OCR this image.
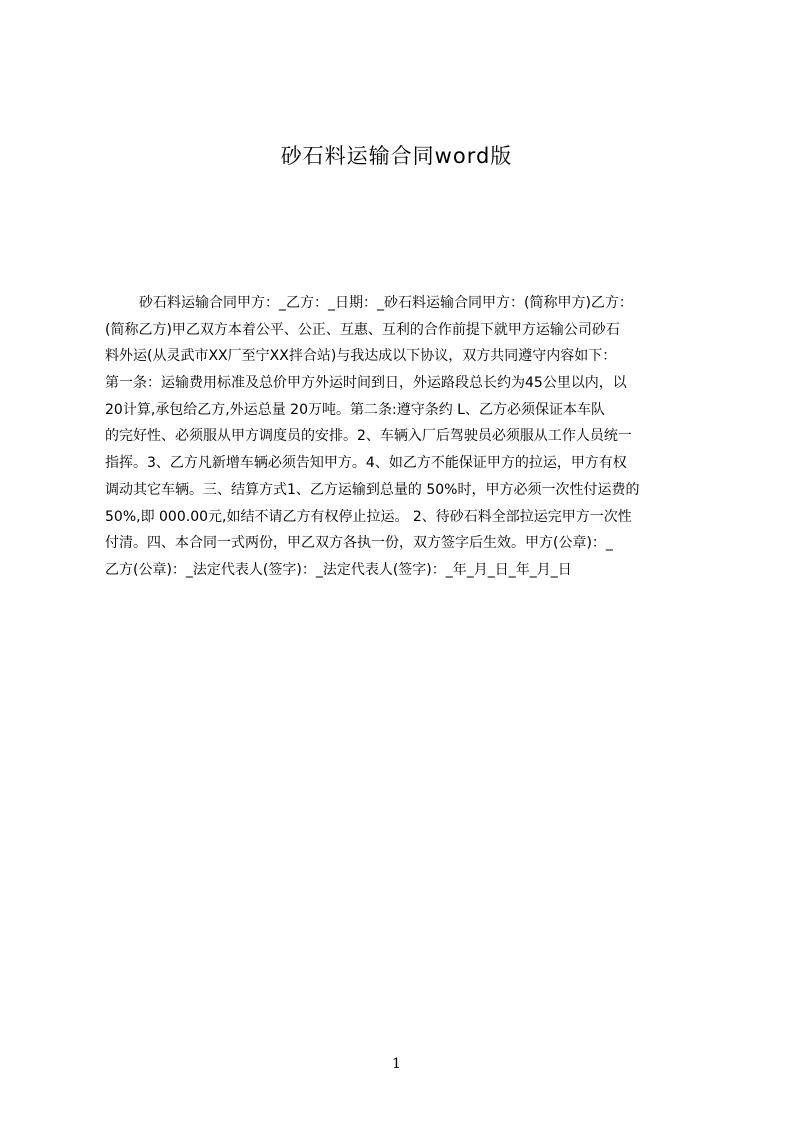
砂石料运输合同word版
砂石料运输合同甲方：_乙方：_日期：_砂石料运输合同甲方：(简称甲方)乙方：
(简称乙方)甲乙双方本着公平、公正、互惠、互利的合作前提下就甲方运输公司砂石
料外运(从灵武市XX厂至宁XX拌合站)与我达成以下协议，双方共同遵守内容如下：
第一条：运输费用标准及总价甲方外运时间到日，外运路段总长约为45公里以内，以
20计算,承包给乙方,外运总量 20万吨。第二条:遵守条约 L、乙方必须保证本车队
的完好性、必须服从甲方调度员的安排。2、车辆入厂后驾驶员必须服从工作人员统一
指挥。3、乙方凡新增车辆必须告知甲方。4、如乙方不能保证甲方的拉运，甲方有权
调动其它车辆。三、结算方式1、乙方运输到总量的 50%时，甲方必须一次性付运费的
50%,即 000.00元,如结不请乙方有权停止拉运。 2、待砂石料全部拉运完甲方一次性
付清。四、本合同一式两份，甲乙双方各执一份，双方签字后生效。甲方(公章)：_
乙方(公章)：_法定代表人(签字)：_法定代表人(签字)：_年_月_日_年_月_日
1
